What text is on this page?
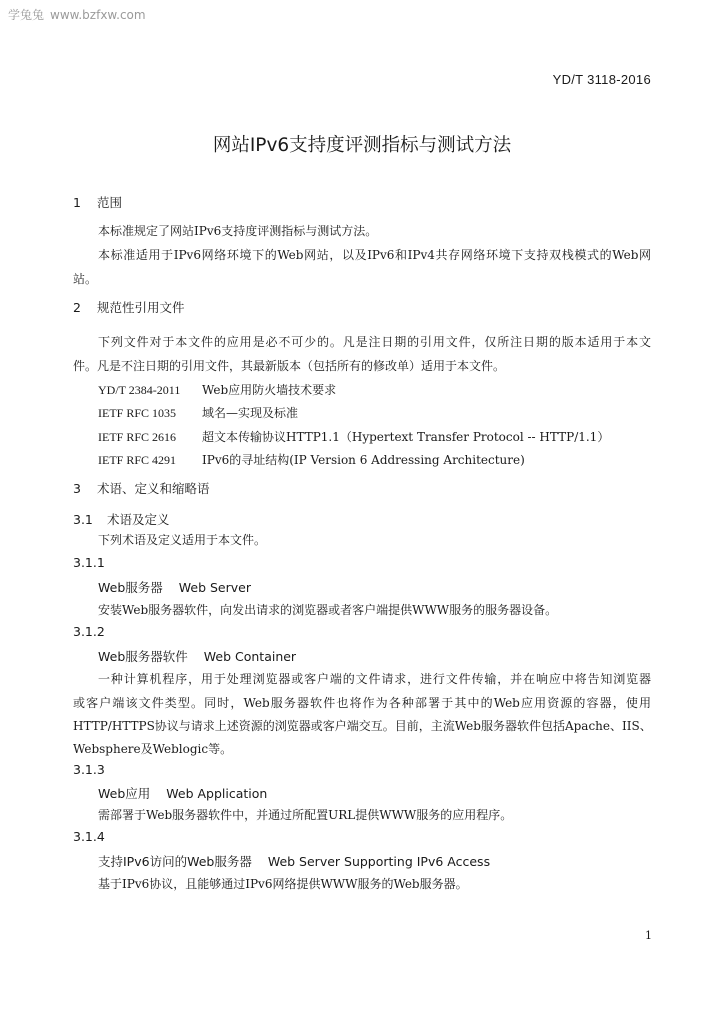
学兔兔 www.bzfxw.com
YD/T 3118-2016
网站IPv6支持度评测指标与测试方法
1 范围
本标准规定了网站IPv6支持度评测指标与测试方法。
本标准适用于IPv6网络环境下的Web网站，以及IPv6和IPv4共存网络环境下支持双栈模式的Web网
站。
2 规范性引用文件
下列文件对于本文件的应用是必不可少的。凡是注日期的引用文件，仅所注日期的版本适用于本文
件。凡是不注日期的引用文件，其最新版本（包括所有的修改单）适用于本文件。
YD/T 2384-2011 Web应用防火墙技术要求
IETF RFC 1035 域名—实现及标准
IETF RFC 2616 超文本传输协议HTTP1.1（Hypertext Transfer Protocol -- HTTP/1.1）
IETF RFC 4291 IPv6的寻址结构(IP Version 6 Addressing Architecture)
3 术语、定义和缩略语
3.1 术语及定义
下列术语及定义适用于本文件。
3.1.1
Web服务器 Web Server
安装Web服务器软件，向发出请求的浏览器或者客户端提供WWW服务的服务器设备。
3.1.2
Web服务器软件 Web Container
一种计算机程序，用于处理浏览器或客户端的文件请求，进行文件传输，并在响应中将告知浏览器
或客户端该文件类型。同时，Web服务器软件也将作为各种部署于其中的Web应用资源的容器，使用
HTTP/HTTPS协议与请求上述资源的浏览器或客户端交互。目前，主流Web服务器软件包括Apache、IIS、
Websphere及Weblogic等。
3.1.3
Web应用 Web Application
需部署于Web服务器软件中，并通过所配置URL提供WWW服务的应用程序。
3.1.4
支持IPv6访问的Web服务器 Web Server Supporting IPv6 Access
基于IPv6协议，且能够通过IPv6网络提供WWW服务的Web服务器。
1
